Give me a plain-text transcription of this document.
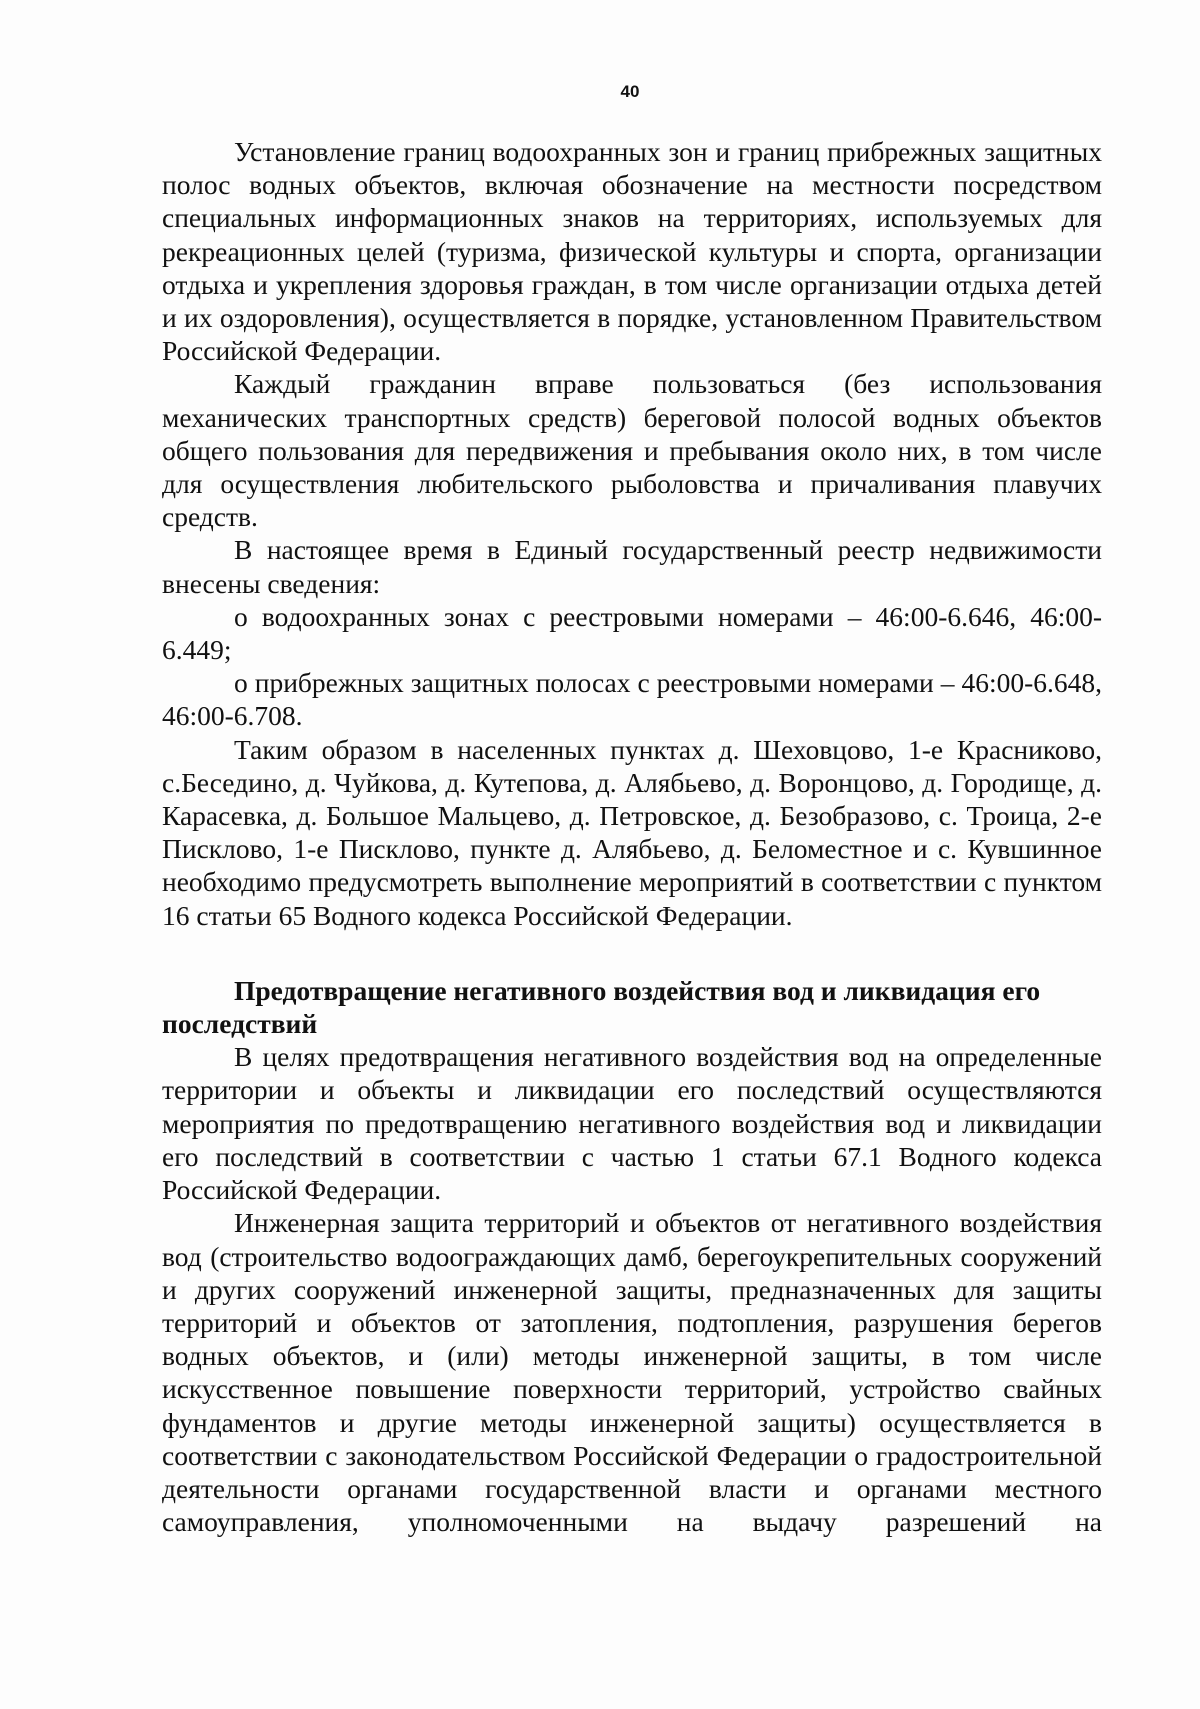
40

Установление границ водоохранных зон и границ прибрежных защитных полос водных объектов, включая обозначение на местности посредством специальных информационных знаков на территориях, используемых для рекреационных целей (туризма, физической культуры и спорта, организации отдыха и укрепления здоровья граждан, в том числе организации отдыха детей и их оздоровления), осуществляется в порядке, установленном Правительством Российской Федерации.

Каждый гражданин вправе пользоваться (без использования механических транспортных средств) береговой полосой водных объектов общего пользования для передвижения и пребывания около них, в том числе для осуществления любительского рыболовства и причаливания плавучих средств.

В настоящее время в Единый государственный реестр недвижимости внесены сведения:

о водоохранных зонах с реестровыми номерами – 46:00-6.646, 46:00-6.449;

о прибрежных защитных полосах с реестровыми номерами – 46:00-6.648, 46:00-6.708.

Таким образом в населенных пунктах д. Шеховцово, 1-е Красниково, с.Беседино, д. Чуйкова, д. Кутепова, д. Алябьево, д. Воронцово, д. Городище, д. Карасевка, д. Большое Мальцево, д. Петровское, д. Безобразово, с. Троица, 2-е Писклово, 1-е Писклово, пункте д. Алябьево, д. Беломестное и с. Кувшинное необходимо предусмотреть выполнение мероприятий в соответствии с пунктом 16 статьи 65 Водного кодекса Российской Федерации.

Предотвращение негативного воздействия вод и ликвидация его последствий

В целях предотвращения негативного воздействия вод на определенные территории и объекты и ликвидации его последствий осуществляются мероприятия по предотвращению негативного воздействия вод и ликвидации его последствий в соответствии с частью 1 статьи 67.1 Водного кодекса Российской Федерации.

Инженерная защита территорий и объектов от негативного воздействия вод (строительство водоограждающих дамб, берегоукрепительных сооружений и других сооружений инженерной защиты, предназначенных для защиты территорий и объектов от затопления, подтопления, разрушения берегов водных объектов, и (или) методы инженерной защиты, в том числе искусственное повышение поверхности территорий, устройство свайных фундаментов и другие методы инженерной защиты) осуществляется в соответствии с законодательством Российской Федерации о градостроительной деятельности органами государственной власти и органами местного самоуправления, уполномоченными на выдачу разрешений на
